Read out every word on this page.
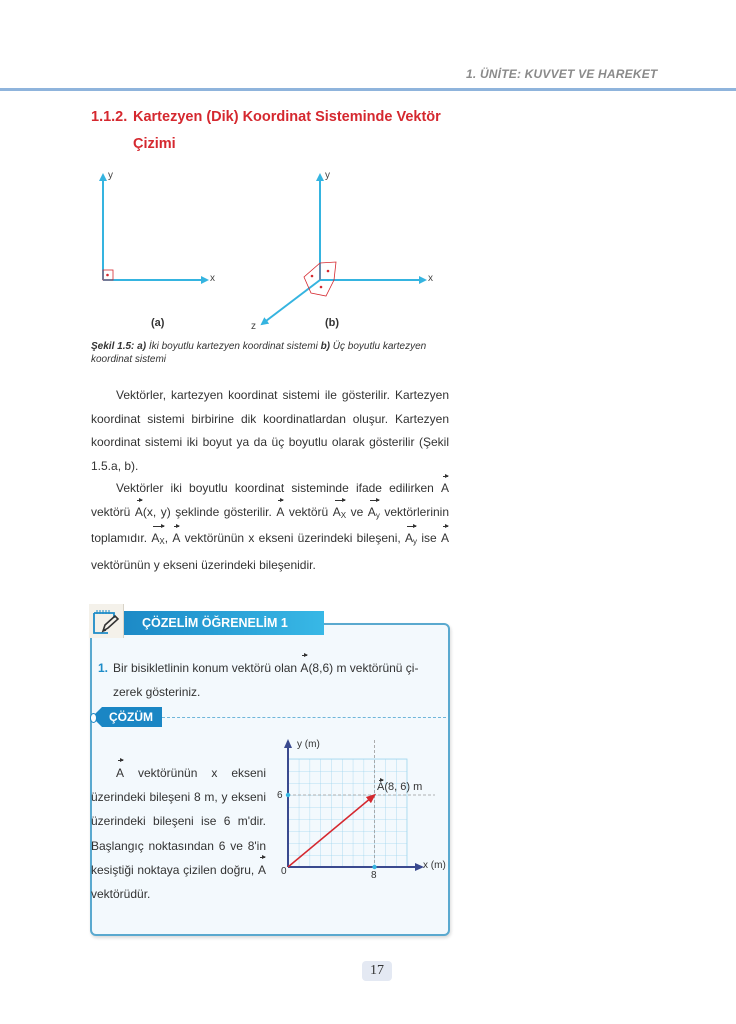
1. ÜNİTE: KUVVET VE HAREKET
1.1.2. Kartezyen (Dik) Koordinat Sisteminde Vektör
Çizimi
y
x
(a)
y
x
z	(b)
Şekil 1.5: a) İki boyutlu kartezyen koordinat sistemi b) Üç boyutlu kartezyen koordinat sistemi
Vektörler, kartezyen koordinat sistemi ile gösterilir. Kartezyen koordinat sistemi birbirine dik koordinatlardan oluşur. Kartezyen koordinat sistemi iki boyut ya da üç boyutlu olarak gösterilir (Şekil 1.5.a, b).
Vektörler iki boyutlu koordinat sisteminde ifade edilirken A vektörü A(x, y) şeklinde gösterilir. A vektörü $A_X$ ve $A_y$ vektörlerinin toplamıdır. $A_X$, A vektörünün x ekseni üzerindeki bileşeni, $A_y$ ise A vektörünün y ekseni üzerindeki bileşenidir.
ÇÖZELİM ÖĞRENELİM 1
1. Bir bisikletlinin konum vektörü olan A(8,6) m vektörünü çi-
zerek gösteriniz.
ÇÖZÜM
A vektörünün x ekseni üzerindeki bileşeni 8 m, y ekseni üzerindeki bileşeni ise 6 m'dir. Başlangıç noktasından 6 ve 8'in kesiştiği noktaya çizilen doğru, A vektörüdür.
y (m)
x (m)
6
0	8
A(8, 6) m
17
